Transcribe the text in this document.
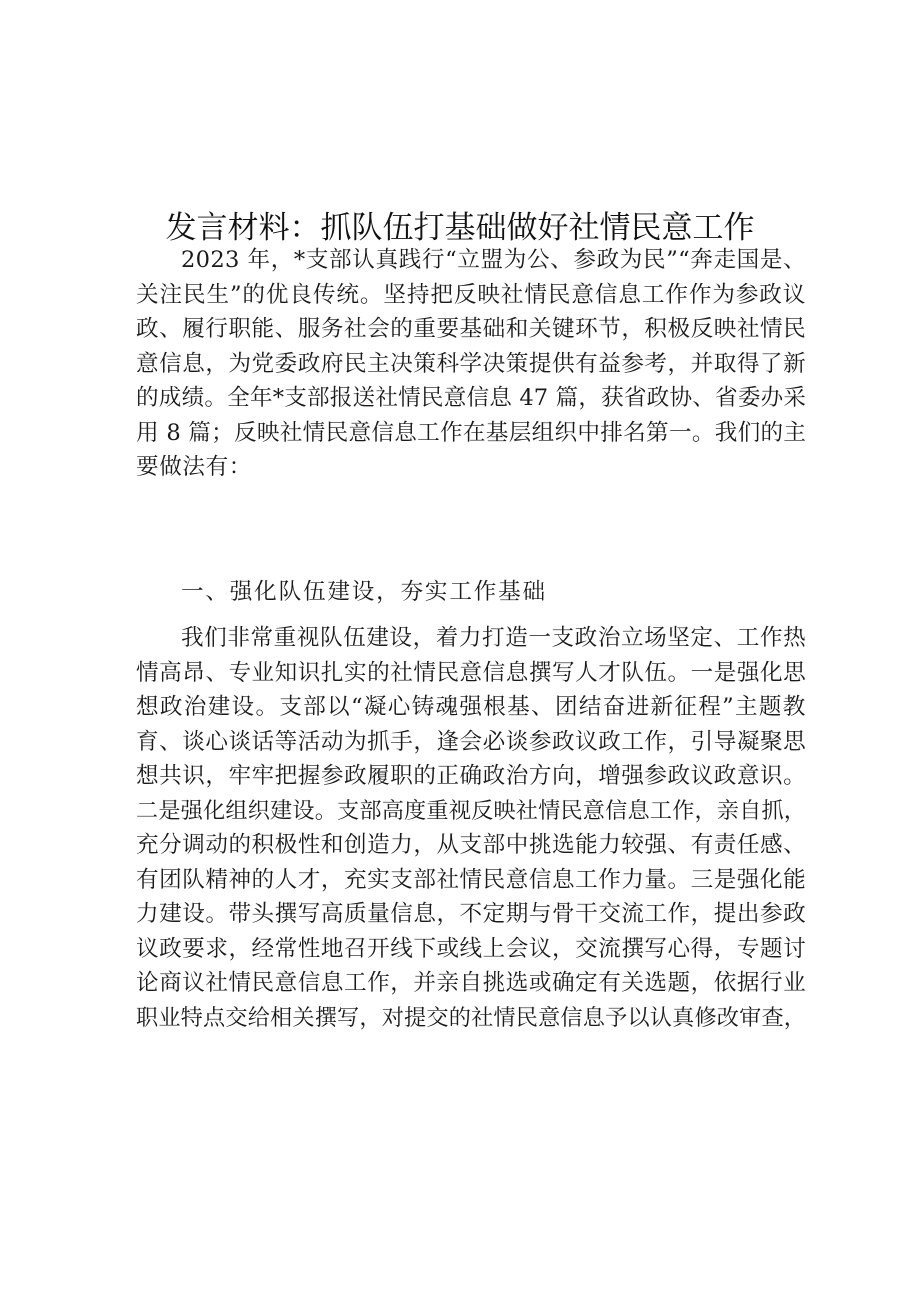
发言材料：抓队伍打基础做好社情民意工作
2023 年，*支部认真践行“立盟为公、参政为民”“奔走国是、
关注民生”的优良传统。坚持把反映社情民意信息工作作为参政议
政、履行职能、服务社会的重要基础和关键环节，积极反映社情民
意信息，为党委政府民主决策科学决策提供有益参考，并取得了新
的成绩。全年*支部报送社情民意信息 47 篇，获省政协、省委办采
用 8 篇；反映社情民意信息工作在基层组织中排名第一。我们的主
要做法有：
一、强化队伍建设，夯实工作基础
我们非常重视队伍建设，着力打造一支政治立场坚定、工作热
情高昂、专业知识扎实的社情民意信息撰写人才队伍。一是强化思
想政治建设。支部以“凝心铸魂强根基、团结奋进新征程”主题教
育、谈心谈话等活动为抓手，逢会必谈参政议政工作，引导凝聚思
想共识，牢牢把握参政履职的正确政治方向，增强参政议政意识。
二是强化组织建设。支部高度重视反映社情民意信息工作，亲自抓，
充分调动的积极性和创造力，从支部中挑选能力较强、有责任感、
有团队精神的人才，充实支部社情民意信息工作力量。三是强化能
力建设。带头撰写高质量信息，不定期与骨干交流工作，提出参政
议政要求，经常性地召开线下或线上会议，交流撰写心得，专题讨
论商议社情民意信息工作，并亲自挑选或确定有关选题，依据行业
职业特点交给相关撰写，对提交的社情民意信息予以认真修改审查，
